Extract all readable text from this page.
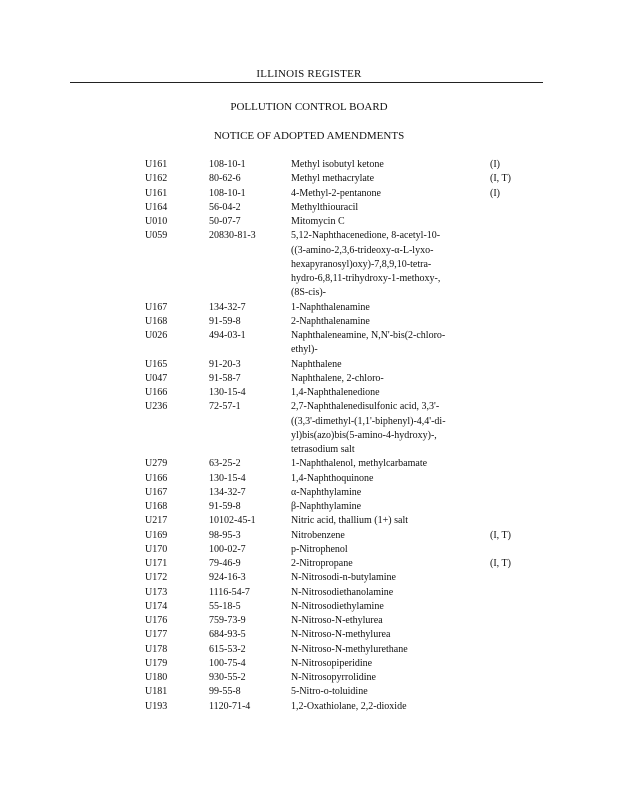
ILLINOIS REGISTER
POLLUTION CONTROL BOARD
NOTICE OF ADOPTED AMENDMENTS
U161	108-10-1	Methyl isobutyl ketone	(I)
U162	80-62-6	Methyl methacrylate	(I, T)
U161	108-10-1	4-Methyl-2-pentanone	(I)
U164	56-04-2	Methylthiouracil
U010	50-07-7	Mitomycin C
U059	20830-81-3	5,12-Naphthacenedione, 8-acetyl-10-
((3-amino-2,3,6-trideoxy-α-L-lyxo-
hexapyranosyl)oxy)-7,8,9,10-tetra-
hydro-6,8,11-trihydroxy-1-methoxy-,
(8S-cis)-
U167	134-32-7	1-Naphthalenamine
U168	91-59-8	2-Naphthalenamine
U026	494-03-1	Naphthaleneamine, N,N'-bis(2-chloro-
ethyl)-
U165	91-20-3	Naphthalene
U047	91-58-7	Naphthalene, 2-chloro-
U166	130-15-4	1,4-Naphthalenedione
U236	72-57-1	2,7-Naphthalenedisulfonic acid, 3,3'-
((3,3'-dimethyl-(1,1'-biphenyl)-4,4'-di-
yl)bis(azo)bis(5-amino-4-hydroxy)-,
tetrasodium salt
U279	63-25-2	1-Naphthalenol, methylcarbamate
U166	130-15-4	1,4-Naphthoquinone
U167	134-32-7	α-Naphthylamine
U168	91-59-8	β-Naphthylamine
U217	10102-45-1	Nitric acid, thallium (1+) salt
U169	98-95-3	Nitrobenzene	(I, T)
U170	100-02-7	p-Nitrophenol
U171	79-46-9	2-Nitropropane	(I, T)
U172	924-16-3	N-Nitrosodi-n-butylamine
U173	1116-54-7	N-Nitrosodiethanolamine
U174	55-18-5	N-Nitrosodiethylamine
U176	759-73-9	N-Nitroso-N-ethylurea
U177	684-93-5	N-Nitroso-N-methylurea
U178	615-53-2	N-Nitroso-N-methylurethane
U179	100-75-4	N-Nitrosopiperidine
U180	930-55-2	N-Nitrosopyrrolidine
U181	99-55-8	5-Nitro-o-toluidine
U193	1120-71-4	1,2-Oxathiolane, 2,2-dioxide
